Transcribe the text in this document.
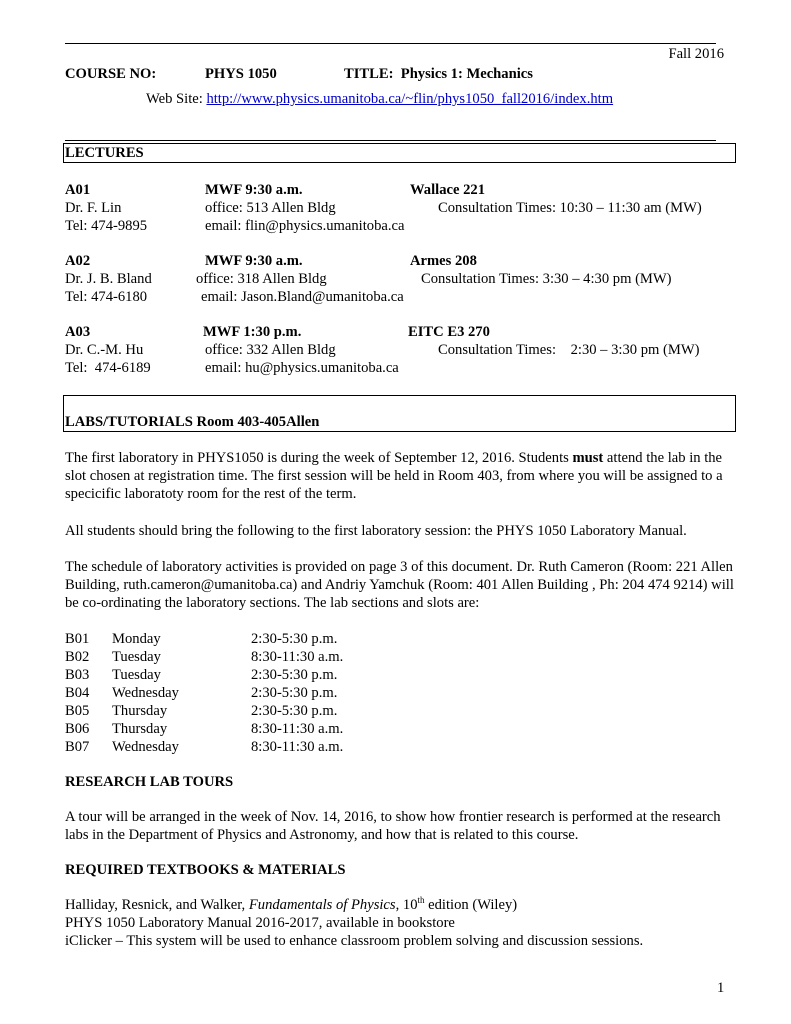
Fall 2016
COURSE NO:	PHYS 1050	TITLE: Physics 1: Mechanics
Web Site: http://www.physics.umanitoba.ca/~flin/phys1050_fall2016/index.htm
LECTURES
A01	MWF 9:30 a.m.	Wallace 221
Dr. F. Lin	office: 513 Allen Bldg	Consultation Times: 10:30 – 11:30 am (MW)
Tel: 474-9895	email: flin@physics.umanitoba.ca
A02	MWF 9:30 a.m.	Armes 208
Dr. J. B. Bland	office: 318 Allen Bldg	Consultation Times: 3:30 – 4:30 pm (MW)
Tel: 474-6180	email: Jason.Bland@umanitoba.ca
A03	MWF 1:30 p.m.	EITC E3 270
Dr. C.-M. Hu	office: 332 Allen Bldg	Consultation Times:    2:30 – 3:30 pm (MW)
Tel:  474-6189	email: hu@physics.umanitoba.ca
LABS/TUTORIALS Room 403-405Allen

The first laboratory in PHYS1050 is during the week of September 12, 2016. Students must attend the lab in the slot chosen at registration time. The first session will be held in Room 403, from where you will be assigned to a specicific laboratoty room for the rest of the term.

All students should bring the following to the first laboratory session: the PHYS 1050 Laboratory Manual.

The schedule of laboratory activities is provided on page 3 of this document. Dr. Ruth Cameron (Room: 221 Allen Building, ruth.cameron@umanitoba.ca) and Andriy Yamchuk (Room: 401 Allen Building , Ph: 204 474 9214) will be co-ordinating the laboratory sections. The lab sections and slots are:

B01 Monday	2:30-5:30 p.m.
B02 Tuesday	8:30-11:30 a.m.
B03 Tuesday	2:30-5:30 p.m.
B04 Wednesday	2:30-5:30 p.m.
B05 Thursday	2:30-5:30 p.m.
B06 Thursday	8:30-11:30 a.m.
B07 Wednesday	8:30-11:30 a.m.
RESEARCH LAB TOURS

A tour will be arranged in the week of Nov. 14, 2016, to show how frontier research is performed at the research labs in the Department of Physics and Astronomy, and how that is related to this course.

REQUIRED TEXTBOOKS & MATERIALS
Halliday, Resnick, and Walker, Fundamentals of Physics, 10th edition (Wiley)
PHYS 1050 Laboratory Manual 2016-2017, available in bookstore
iClicker – This system will be used to enhance classroom problem solving and discussion sessions.
1
